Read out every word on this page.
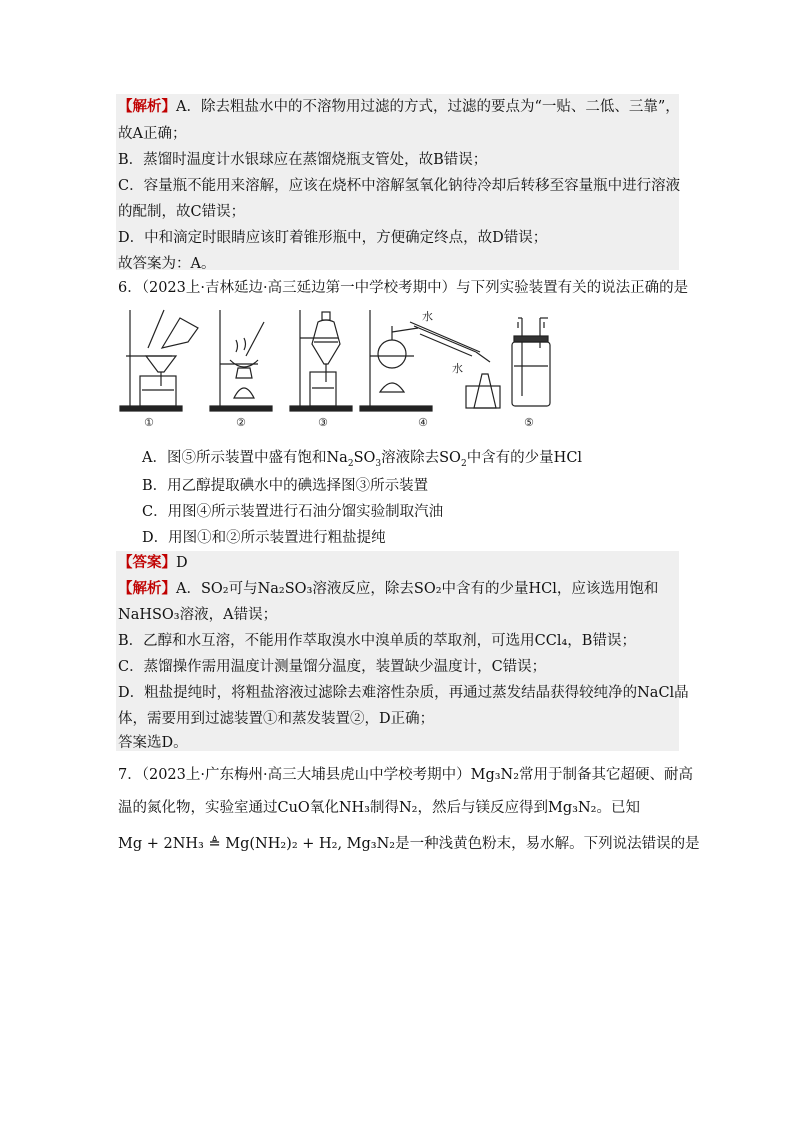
【解析】A．除去粗盐水中的不溶物用过滤的方式，过滤的要点为“一贴、二低、三靠”，
故A正确；
B．蒸馏时温度计水银球应在蒸馏烧瓶支管处，故B错误；
C．容量瓶不能用来溶解，应该在烧杯中溶解氢氧化钠待冷却后转移至容量瓶中进行溶液
的配制，故C错误；
D．中和滴定时眼睛应该盯着锥形瓶中，方便确定终点，故D错误；
故答案为：A。
6．（2023上·吉林延边·高三延边第一中学校考期中）与下列实验装置有关的说法正确的是
①	②	③
水
水
④	⑤
A．图⑤所示装置中盛有饱和$Na_2SO_3$溶液除去$SO_2$中含有的少量HCl
B．用乙醇提取碘水中的碘选择图③所示装置
C．用图④所示装置进行石油分馏实验制取汽油
D．用图①和②所示装置进行粗盐提纯
【答案】D
【解析】A．SO₂可与Na₂SO₃溶液反应，除去SO₂中含有的少量HCl，应该选用饱和
NaHSO₃溶液，A错误；
B．乙醇和水互溶，不能用作萃取溴水中溴单质的萃取剂，可选用CCl₄，B错误；
C．蒸馏操作需用温度计测量馏分温度，装置缺少温度计，C错误；
D．粗盐提纯时，将粗盐溶液过滤除去难溶性杂质，再通过蒸发结晶获得较纯净的NaCl晶
体，需要用到过滤装置①和蒸发装置②，D正确；
答案选D。
7．（2023上·广东梅州·高三大埔县虎山中学校考期中）Mg₃N₂常用于制备其它超硬、耐高
温的氮化物，实验室通过CuO氧化NH₃制得N₂，然后与镁反应得到Mg₃N₂。已知
Mg + 2NH₃ ≜ Mg(NH₂)₂ + H₂, Mg₃N₂是一种浅黄色粉末，易水解。下列说法错误的是
